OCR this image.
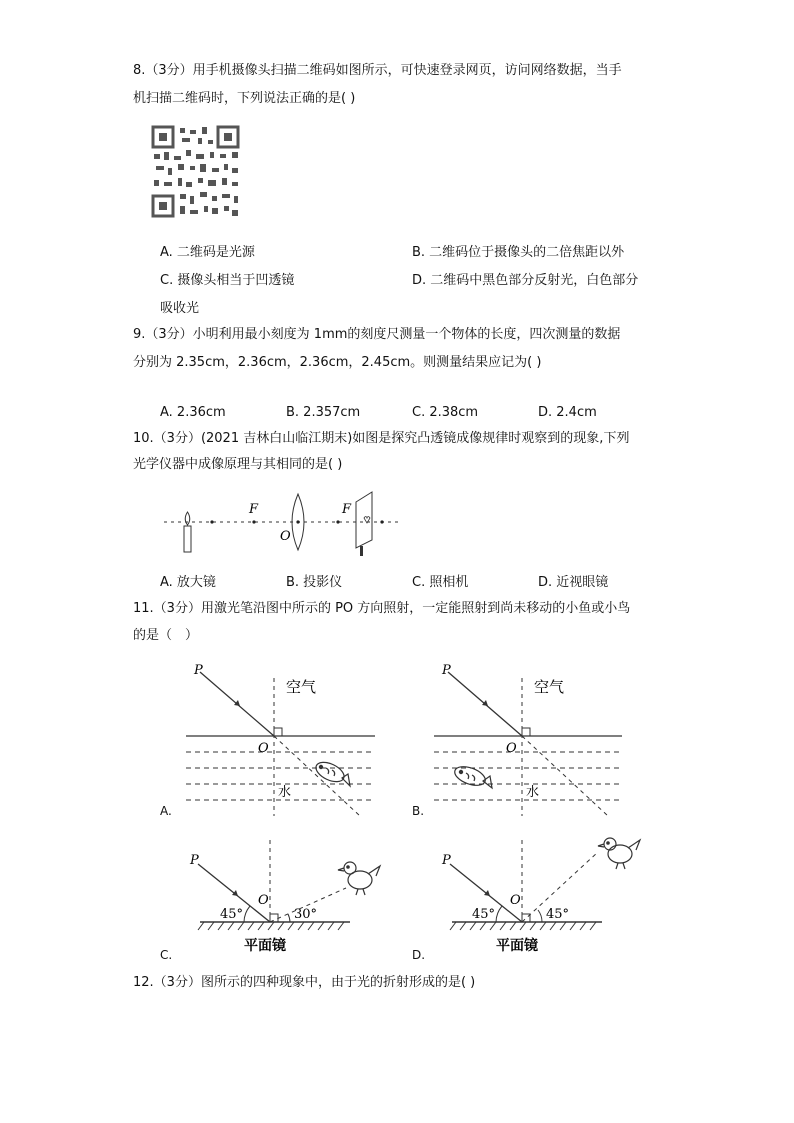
8.（3分）用手机摄像头扫描二维码如图所示，可快速登录网页，访问网络数据，当手
机扫描二维码时，下列说法正确的是( )
A. 二维码是光源	B. 二维码位于摄像头的二倍焦距以外
C. 摄像头相当于凹透镜	D. 二维码中黑色部分反射光，白色部分
吸收光
9.（3分）小明利用最小刻度为 1mm的刻度尺测量一个物体的长度，四次测量的数据
分别为 2.35cm，2.36cm，2.36cm，2.45cm。则测量结果应记为( )
A. 2.36cm	B. 2.357cm	C. 2.38cm	D. 2.4cm
10.（3分）(2021 吉林白山临江期末)如图是探究凸透镜成像规律时观察到的现象,下列
光学仪器中成像原理与其相同的是( )
F
O
F
A. 放大镜	B. 投影仪	C. 照相机	D. 近视眼镜
11.（3分）用激光笔沿图中所示的 PO 方向照射，一定能照射到尚未移动的小鱼或小鸟
的是（　）
P
O
空气
水
A.
P
O
空气
水
B.
P
O
45°	30°
平面镜
C.
P
O
45°	45°
平面镜
D.
12.（3分）图所示的四种现象中，由于光的折射形成的是( )
